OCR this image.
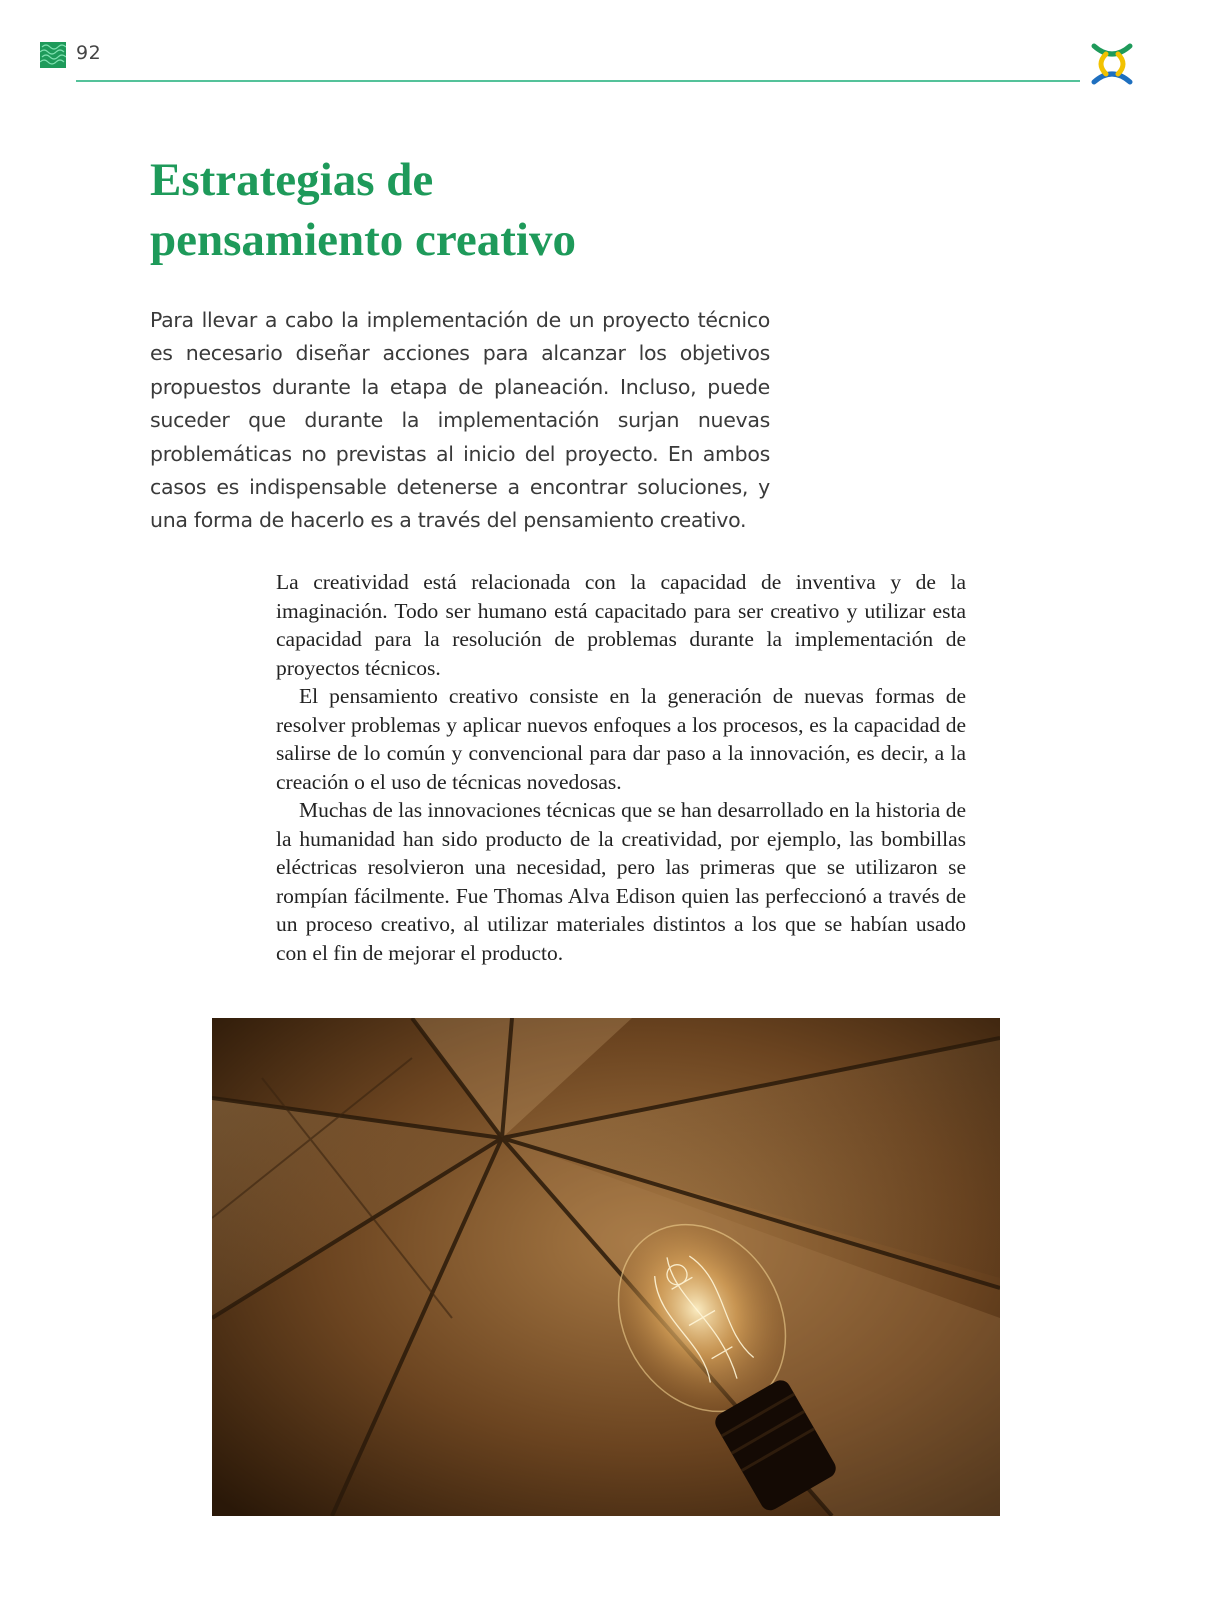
92
Estrategias de
pensamiento creativo

Para llevar a cabo la implementación de un proyecto técnico es necesario diseñar acciones para alcanzar los objetivos propuestos durante la etapa de planeación. Incluso, puede suceder que durante la implementación surjan nuevas problemáticas no previstas al inicio del proyecto. En ambos casos es indispensable detenerse a encontrar soluciones, y una forma de hacerlo es a través del pensamiento creativo.

La creatividad está relacionada con la capacidad de inventiva y de la imaginación. Todo ser humano está capacitado para ser creativo y utilizar esta capacidad para la resolución de problemas durante la implementación de proyectos técnicos.

El pensamiento creativo consiste en la generación de nuevas formas de resolver problemas y aplicar nuevos enfoques a los procesos, es la capacidad de salirse de lo común y convencional para dar paso a la innovación, es decir, a la creación o el uso de técnicas novedosas.

Muchas de las innovaciones técnicas que se han desarrollado en la historia de la humanidad han sido producto de la creatividad, por ejemplo, las bombillas eléctricas resolvieron una necesidad, pero las primeras que se utilizaron se rompían fácilmente. Fue Thomas Alva Edison quien las perfeccionó a través de un proceso creativo, al utilizar materiales distintos a los que se habían usado con el fin de mejorar el producto.
